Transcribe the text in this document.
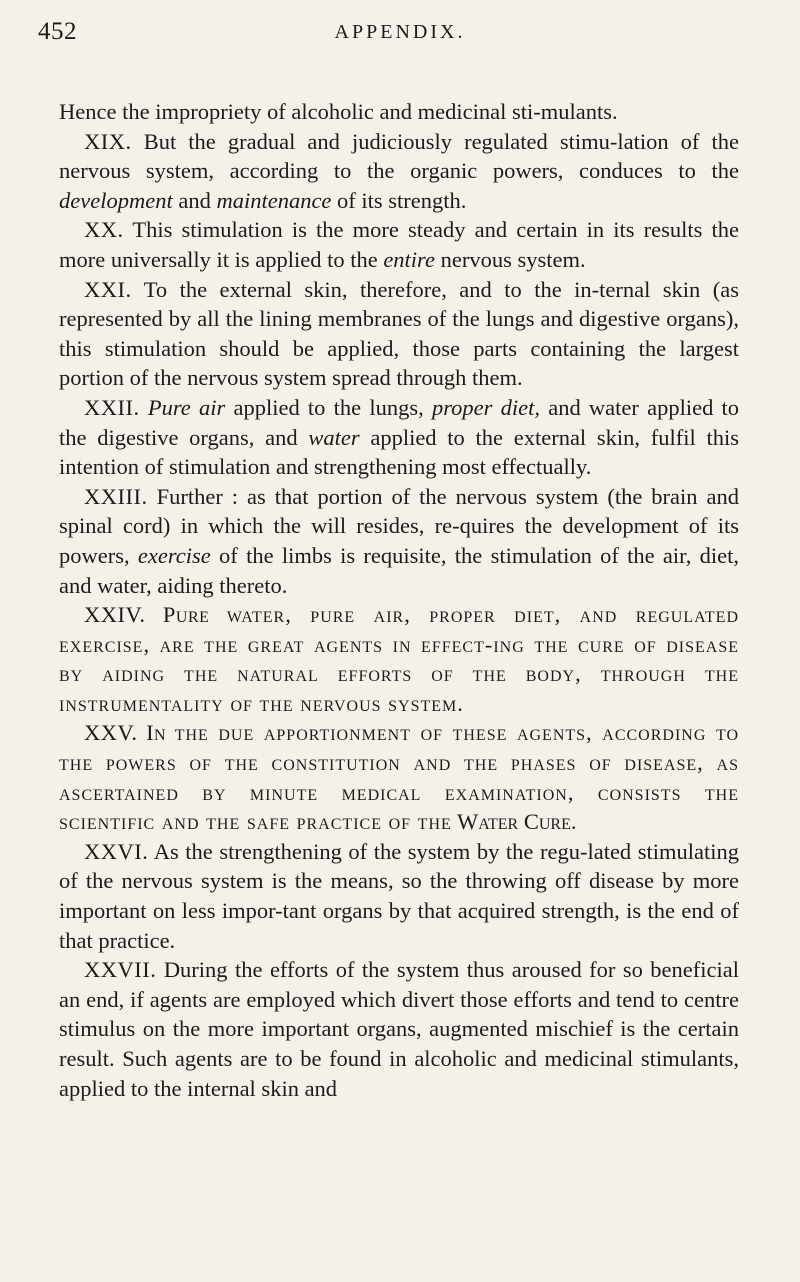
452	APPENDIX.

Hence the impropriety of alcoholic and medicinal sti-mulants.

XIX. But the gradual and judiciously regulated stimu-lation of the nervous system, according to the organic powers, conduces to the development and maintenance of its strength.

XX. This stimulation is the more steady and certain in its results the more universally it is applied to the entire nervous system.

XXI. To the external skin, therefore, and to the in-ternal skin (as represented by all the lining membranes of the lungs and digestive organs), this stimulation should be applied, those parts containing the largest portion of the nervous system spread through them.

XXII. Pure air applied to the lungs, proper diet, and water applied to the digestive organs, and water applied to the external skin, fulfil this intention of stimulation and strengthening most effectually.

XXIII. Further : as that portion of the nervous system (the brain and spinal cord) in which the will resides, re-quires the development of its powers, exercise of the limbs is requisite, the stimulation of the air, diet, and water, aiding thereto.

XXIV. Pure water, pure air, proper diet, and regulated exercise, are the great agents in effect-ing the cure of disease by aiding the natural efforts of the body, through the instrumentality of the nervous system.

XXV. In the due apportionment of these agents, according to the powers of the constitution and the phases of disease, as ascertained by minute medical examination, consists the scientific and the safe practice of the Water Cure.

XXVI. As the strengthening of the system by the regu-lated stimulating of the nervous system is the means, so the throwing off disease by more important on less impor-tant organs by that acquired strength, is the end of that practice.

XXVII. During the efforts of the system thus aroused for so beneficial an end, if agents are employed which divert those efforts and tend to centre stimulus on the more important organs, augmented mischief is the certain result. Such agents are to be found in alcoholic and medicinal stimulants, applied to the internal skin and
